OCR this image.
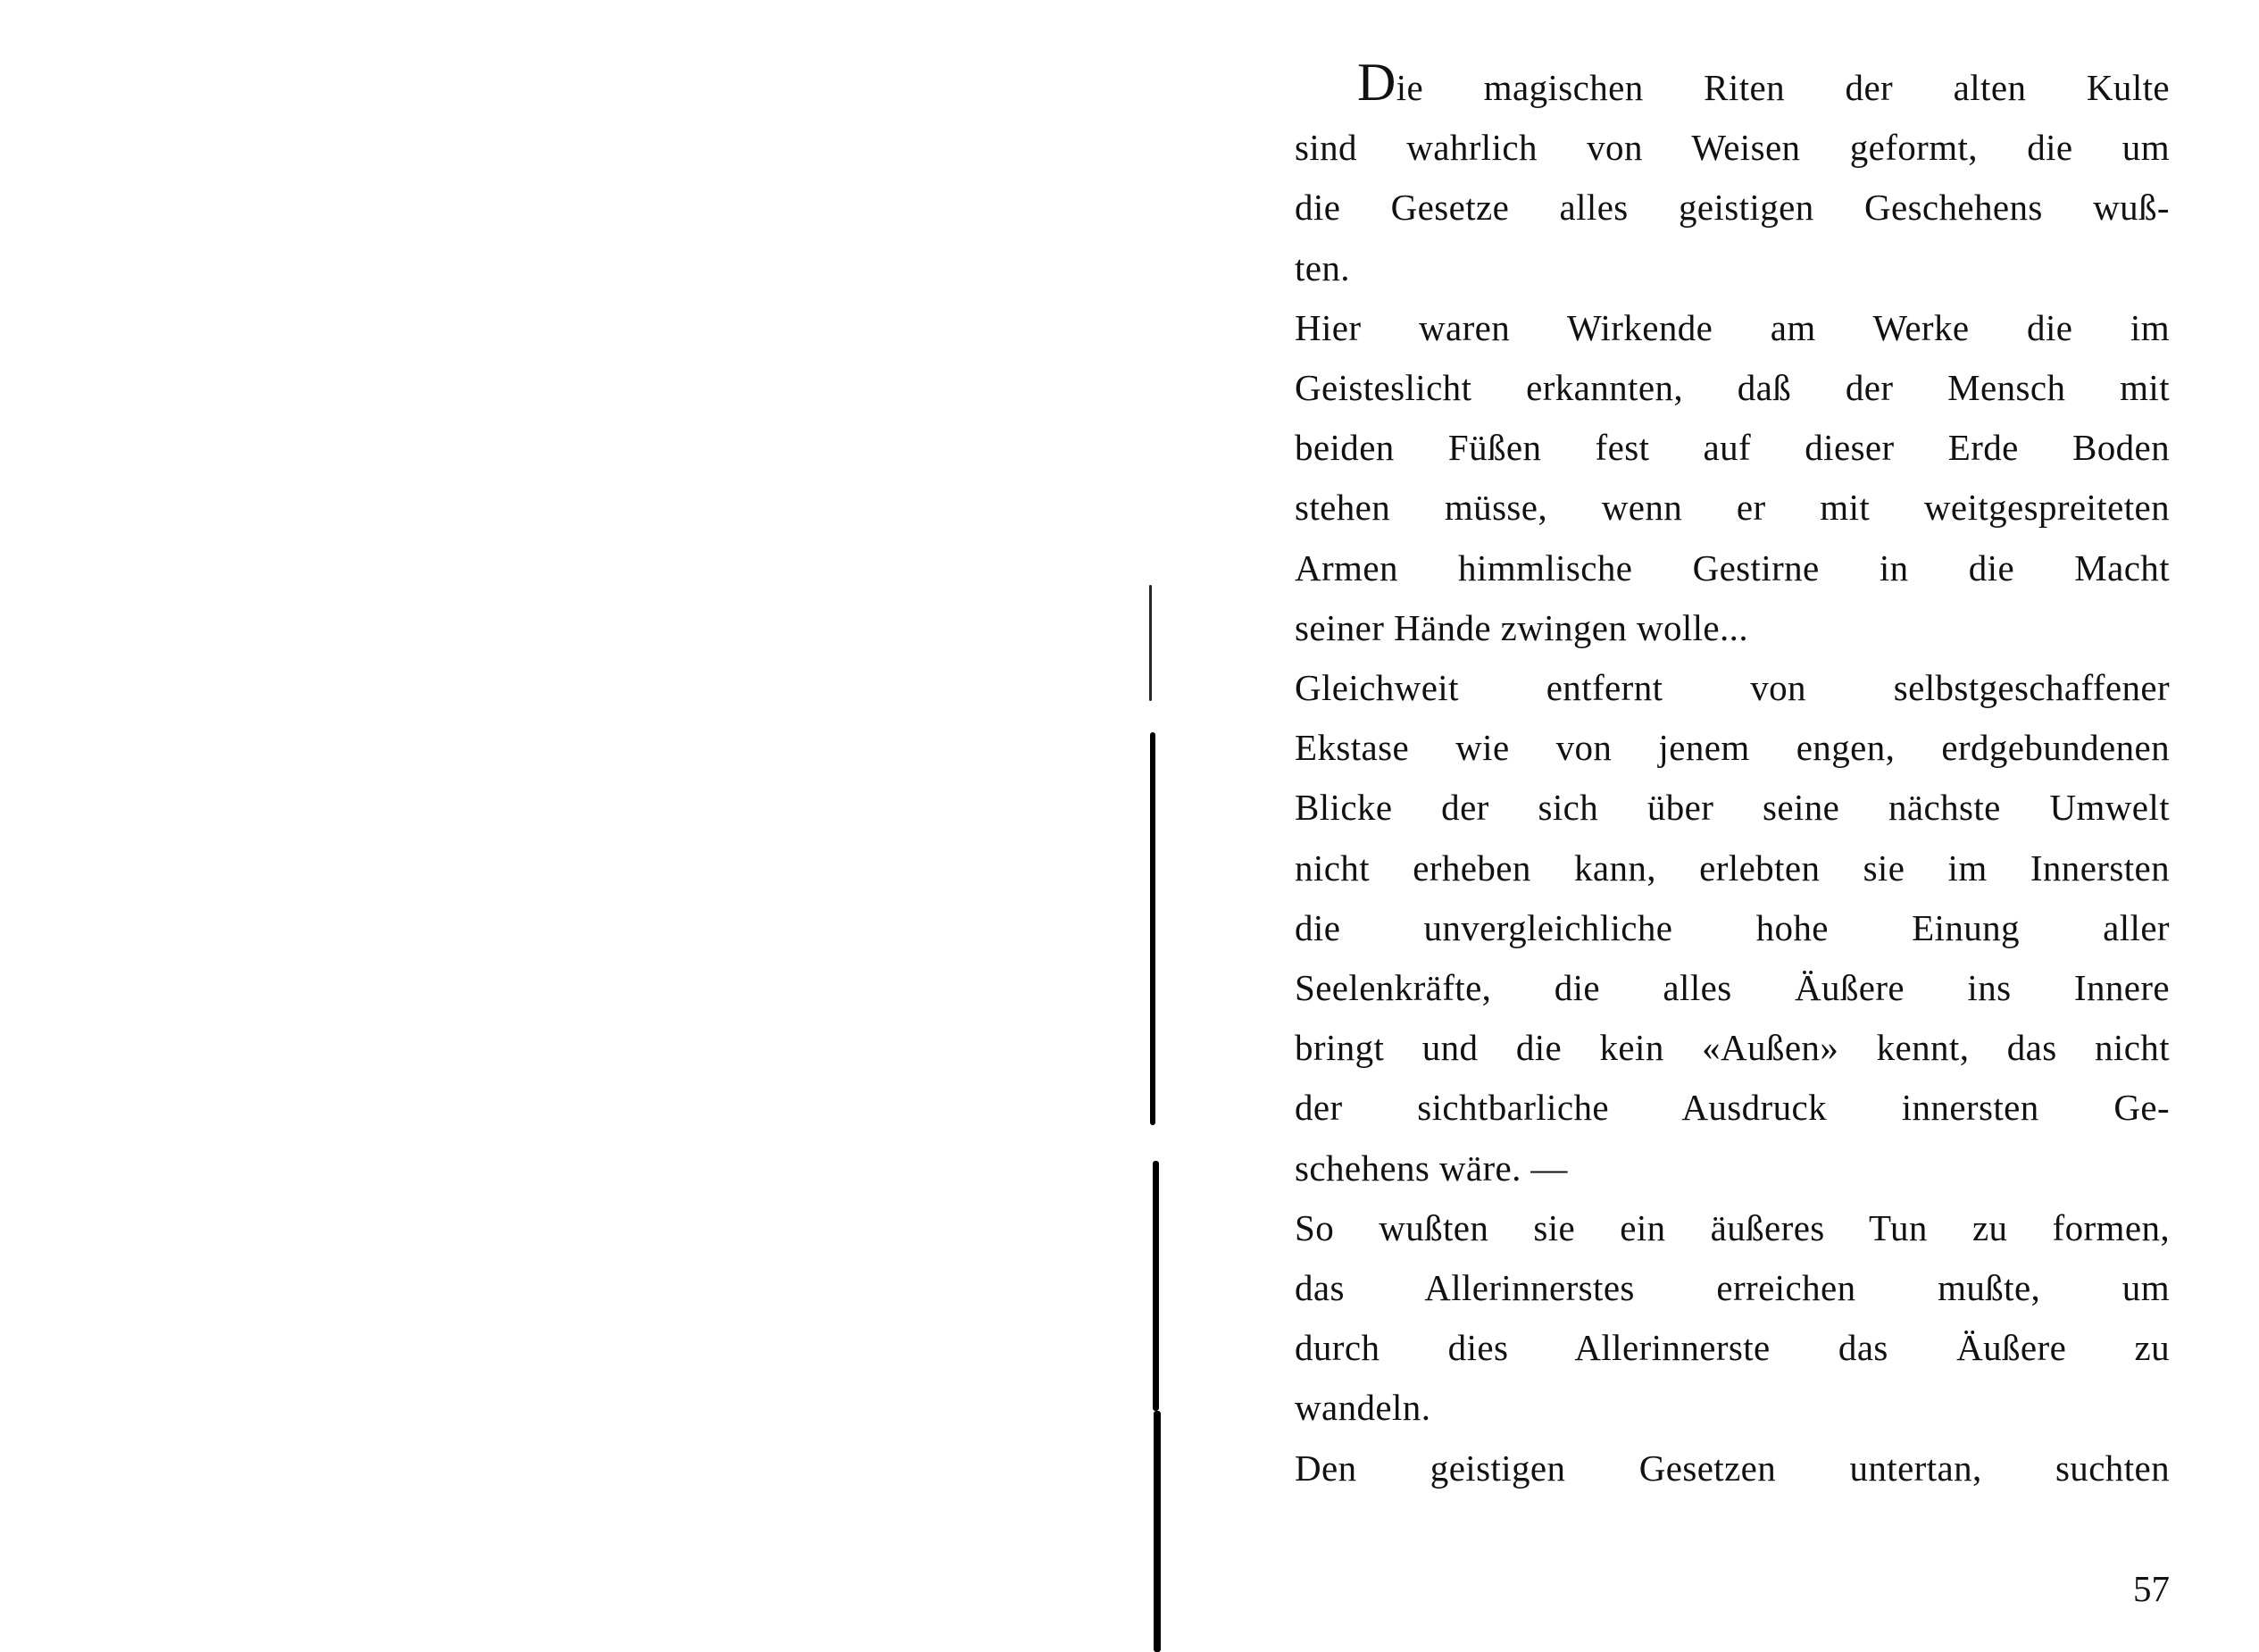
Die magischen Riten der alten Kulte
sind wahrlich von Weisen geformt, die um
die Gesetze alles geistigen Geschehens wuß-
ten.
Hier waren Wirkende am Werke die im
Geisteslicht erkannten, daß der Mensch mit
beiden Füßen fest auf dieser Erde Boden
stehen müsse, wenn er mit weitgespreiteten
Armen himmlische Gestirne in die Macht
seiner Hände zwingen wolle...
Gleichweit entfernt von selbstgeschaffener
Ekstase wie von jenem engen, erdgebundenen
Blicke der sich über seine nächste Umwelt
nicht erheben kann, erlebten sie im Innersten
die unvergleichliche hohe Einung aller
Seelenkräfte, die alles Äußere ins Innere
bringt und die kein «Außen» kennt, das nicht
der sichtbarliche Ausdruck innersten Ge-
schehens wäre. —
So wußten sie ein äußeres Tun zu formen,
das Allerinnerstes erreichen mußte, um
durch dies Allerinnerste das Äußere zu
wandeln.
Den geistigen Gesetzen untertan, suchten

57
